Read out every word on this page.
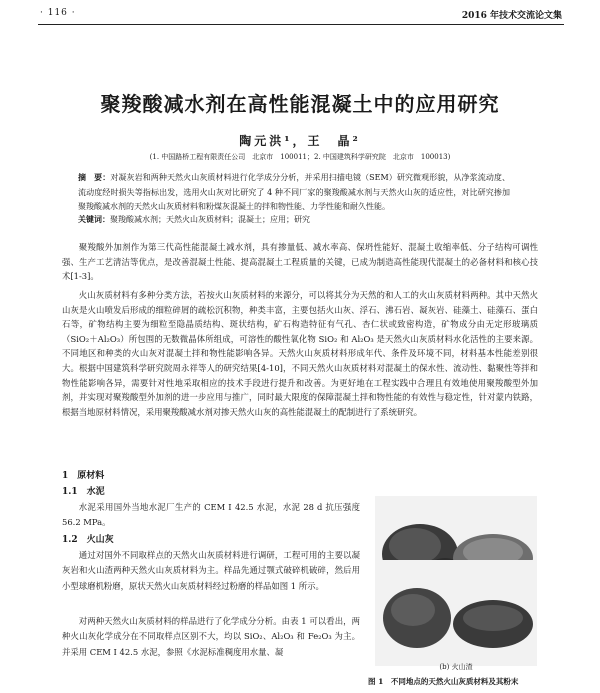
· 116 ·	2016 年技术交流论文集
聚羧酸减水剂在高性能混凝土中的应用研究
陶元洪¹，王　晶²
(1. 中国路桥工程有限责任公司　北京市　100011；2. 中国建筑科学研究院　北京市　100013)
摘　要：对凝灰岩和两种天然火山灰质材料进行化学成分分析，并采用扫描电镜（SEM）研究微观形貌，从净浆流动度、流动度经时损失等指标出发，选用火山灰对比研究了 4 种不同厂家的聚羧酸减水剂与天然火山灰的适应性，对比研究掺加聚羧酸减水剂的天然火山灰质材料和粉煤灰混凝土的拌和物性能、力学性能和耐久性能。
关键词：聚羧酸减水剂；天然火山灰质材料；混凝土；应用；研究
聚羧酸外加剂作为第三代高性能混凝土减水剂，具有掺量低、减水率高、保坍性能好、混凝土收缩率低、分子结构可调性强、生产工艺清洁等优点，是改善混凝土性能、提高混凝土工程质量的关键，已成为制造高性能现代混凝土的必备材料和核心技术[1-3]。
火山灰质材料有多种分类方法，若按火山灰质材料的来源分，可以将其分为天然的和人工的火山灰质材料两种。其中天然火山灰是火山喷发后形成的细粒碎屑的疏松沉积物，种类丰富，主要包括火山灰、浮石、沸石岩、凝灰岩、硅藻土、硅藻石、蛋白石等，矿物结构主要为细粒至隐晶质结构、斑状结构，矿石构造特征有气孔、杏仁状或致密构造，矿物成分由无定形玻璃质（SiO₂＋Al₂O₃）所包围的无数微晶体所组成，可溶性的酸性氧化物 SiO₂ 和 Al₂O₃ 是天然火山灰质材料水化活性的主要来源。不同地区和种类的火山灰对混凝土拌和物性能影响各异。天然火山灰质材料形成年代、条件及环境不同，材料基本性能差别很大。根据中国建筑科学研究院周永祥等人的研究结果[4-10]，不同天然火山灰质材料对混凝土的保水性、流动性、黏聚性等拌和物性能影响各异，需要针对性地采取相应的技术手段进行提升和改善。为更好地在工程实践中合理且有效地使用聚羧酸型外加剂，并实现对聚羧酸型外加剂的进一步应用与推广，同时最大限度的保障混凝土拌和物性能的有效性与稳定性，针对蒙内铁路，根据当地原材料情况，采用聚羧酸减水剂对掺天然火山灰的高性能混凝土的配制进行了系统研究。
1　原材料
1.1　水泥
水泥采用国外当地水泥厂生产的 CEM Ⅰ 42.5 水泥，水泥 28 d 抗压强度 56.2 MPa。
1.2　火山灰
通过对国外不同取样点的天然火山灰质材料进行调研，工程可用的主要以凝灰岩和火山渣两种天然火山灰质材料为主。样品先通过颚式破碎机破碎，然后用小型球磨机粉磨，原状天然火山灰质材料经过粉磨的样品如图 1 所示。
对两种天然火山灰质材料的样品进行了化学成分分析。由表 1 可以看出，两种火山灰化学成分在不同取样点区别不大，均以 SiO₂、Al₂O₃ 和 Fe₂O₃ 为主。并采用 CEM Ⅰ 42.5 水泥，参照《水泥标准稠度用水量、凝
(b) 火山渣
图 1　不同地点的天然火山灰质材料及其粉末
